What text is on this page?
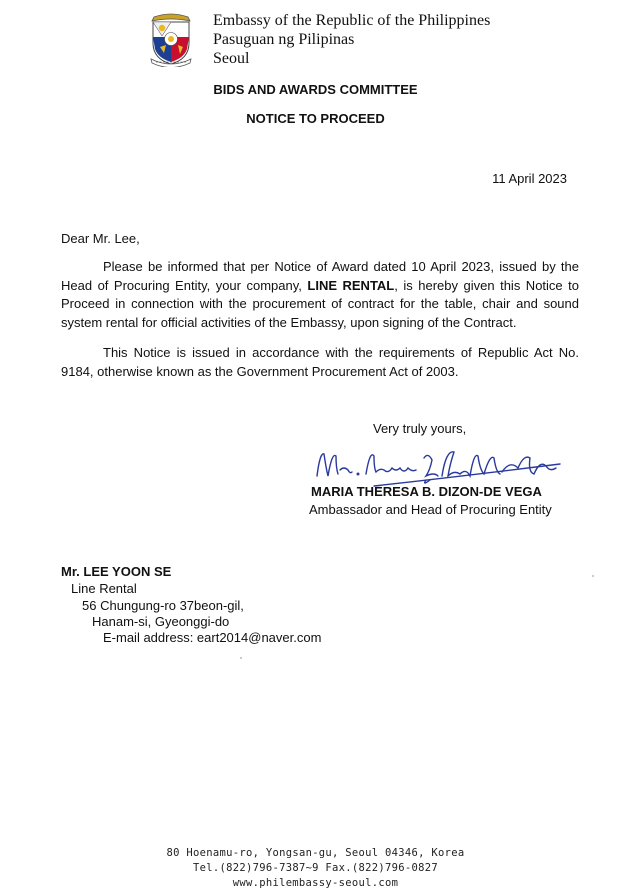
Embassy of the Republic of the Philippines
Pasuguan ng Pilipinas
Seoul
BIDS AND AWARDS COMMITTEE
NOTICE TO PROCEED
11 April 2023
Dear Mr. Lee,
Please be informed that per Notice of Award dated 10 April 2023, issued by the Head of Procuring Entity, your company, LINE RENTAL, is hereby given this Notice to Proceed in connection with the procurement of contract for the table, chair and sound system rental for official activities of the Embassy, upon signing of the Contract.
This Notice is issued in accordance with the requirements of Republic Act No. 9184, otherwise known as the Government Procurement Act of 2003.
Very truly yours,
MARIA THERESA B. DIZON-DE VEGA
Ambassador and Head of Procuring Entity
Mr. LEE YOON SE
Line Rental
56 Chungung-ro 37beon-gil,
Hanam-si, Gyeonggi-do
E-mail address: eart2014@naver.com
80 Hoenamu-ro, Yongsan-gu, Seoul 04346, Korea
Tel.(822)796-7387~9 Fax.(822)796-0827
www.philembassy-seoul.com
